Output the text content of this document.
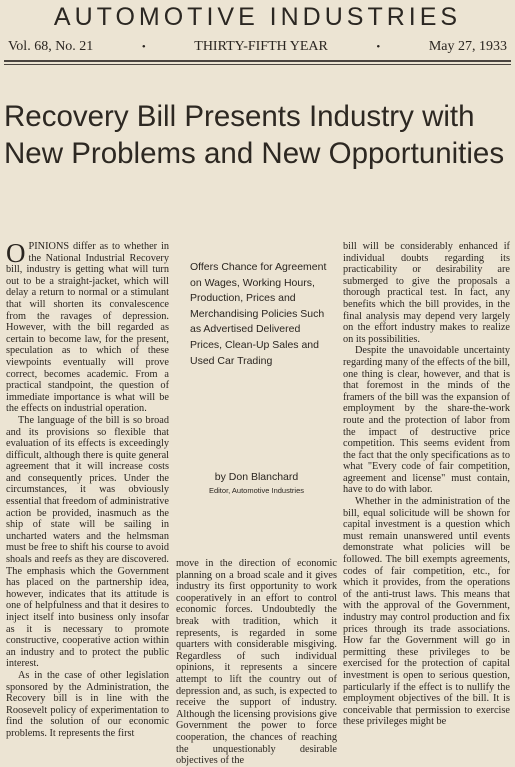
AUTOMOTIVE INDUSTRIES
Vol. 68, No. 21	•	THIRTY-FIFTH YEAR	•	May 27, 1933
Recovery Bill Presents Industry with
New Problems and New Opportunities

OPINIONS differ as to whether in the National Industrial Recovery bill, industry is getting what will turn out to be a straight-jacket, which will delay a return to normal or a stimulant that will shorten its convalescence from the ravages of depression. However, with the bill regarded as certain to become law, for the present, speculation as to which of these viewpoints eventually will prove correct, becomes academic. From a practical standpoint, the question of immediate importance is what will be the effects on industrial operation.

The language of the bill is so broad and its provisions so flexible that evaluation of its effects is exceedingly difficult, although there is quite general agreement that it will increase costs and consequently prices. Under the circumstances, it was obviously essential that freedom of administrative action be provided, inasmuch as the ship of state will be sailing in uncharted waters and the helmsman must be free to shift his course to avoid shoals and reefs as they are discovered. The emphasis which the Government has placed on the partnership idea, however, indicates that its attitude is one of helpfulness and that it desires to inject itself into business only insofar as it is necessary to promote constructive, cooperative action within an industry and to protect the public interest.

As in the case of other legislation sponsored by the Administration, the Recovery bill is in line with the Roosevelt policy of experimentation to find the solution of our economic problems. It represents the first

Offers Chance for Agreement on Wages, Working Hours, Production, Prices and Merchandising Policies Such as Advertised Delivered Prices, Clean-Up Sales and Used Car Trading
by Don Blanchard
Editor, Automotive Industries

move in the direction of economic planning on a broad scale and it gives industry its first opportunity to work cooperatively in an effort to control economic forces. Undoubtedly the break with tradition, which it represents, is regarded in some quarters with considerable misgiving. Regardless of such individual opinions, it represents a sincere attempt to lift the country out of depression and, as such, is expected to receive the support of industry. Although the licensing provisions give Government the power to force cooperation, the chances of reaching the unquestionably desirable objectives of the

bill will be considerably enhanced if individual doubts regarding its practicability or desirability are submerged to give the proposals a thorough practical test. In fact, any benefits which the bill provides, in the final analysis may depend very largely on the effort industry makes to realize on its possibilities.

Despite the unavoidable uncertainty regarding many of the effects of the bill, one thing is clear, however, and that is that foremost in the minds of the framers of the bill was the expansion of employment by the share-the-work route and the protection of labor from the impact of destructive price competition. This seems evident from the fact that the only specifications as to what "Every code of fair competition, agreement and license" must contain, have to do with labor.

Whether in the administration of the bill, equal solicitude will be shown for capital investment is a question which must remain unanswered until events demonstrate what policies will be followed. The bill exempts agreements, codes of fair competition, etc., for which it provides, from the operations of the anti-trust laws. This means that with the approval of the Government, industry may control production and fix prices through its trade associations. How far the Government will go in permitting these privileges to be exercised for the protection of capital investment is open to serious question, particularly if the effect is to nullify the employment objectives of the bill. It is conceivable that permission to exercise these privileges might be
